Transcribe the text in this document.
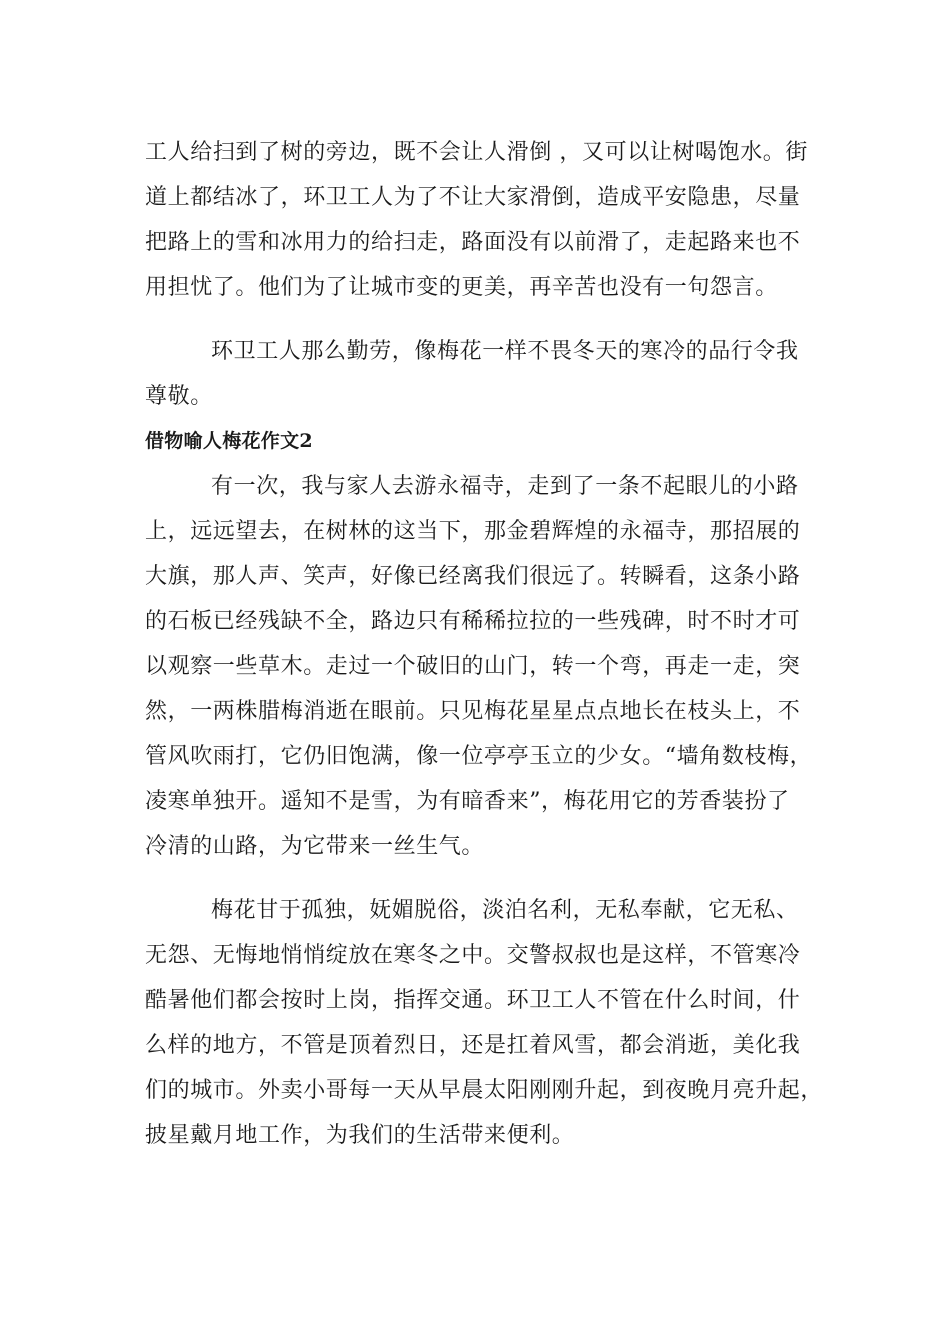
工人给扫到了树的旁边，既不会让人滑倒 ，又可以让树喝饱水。街
道上都结冰了，环卫工人为了不让大家滑倒，造成平安隐患，尽量
把路上的雪和冰用力的给扫走，路面没有以前滑了，走起路来也不
用担忧了。他们为了让城市变的更美，再辛苦也没有一句怨言。

环卫工人那么勤劳，像梅花一样不畏冬天的寒冷的品行令我
尊敬。

借物喻人梅花作文2

有一次，我与家人去游永福寺，走到了一条不起眼儿的小路
上，远远望去，在树林的这当下，那金碧辉煌的永福寺，那招展的
大旗，那人声、笑声，好像已经离我们很远了。转瞬看，这条小路
的石板已经残缺不全，路边只有稀稀拉拉的一些残碑，时不时才可
以观察一些草木。走过一个破旧的山门，转一个弯，再走一走，突
然，一两株腊梅消逝在眼前。只见梅花星星点点地长在枝头上，不
管风吹雨打，它仍旧饱满，像一位亭亭玉立的少女。“墙角数枝梅，
凌寒单独开。遥知不是雪，为有暗香来”，梅花用它的芳香装扮了
冷清的山路，为它带来一丝生气。

梅花甘于孤独，妩媚脱俗，淡泊名利，无私奉献，它无私、
无怨、无悔地悄悄绽放在寒冬之中。交警叔叔也是这样，不管寒冷
酷暑他们都会按时上岗，指挥交通。环卫工人不管在什么时间，什
么样的地方，不管是顶着烈日，还是扛着风雪，都会消逝，美化我
们的城市。外卖小哥每一天从早晨太阳刚刚升起，到夜晚月亮升起，
披星戴月地工作，为我们的生活带来便利。
